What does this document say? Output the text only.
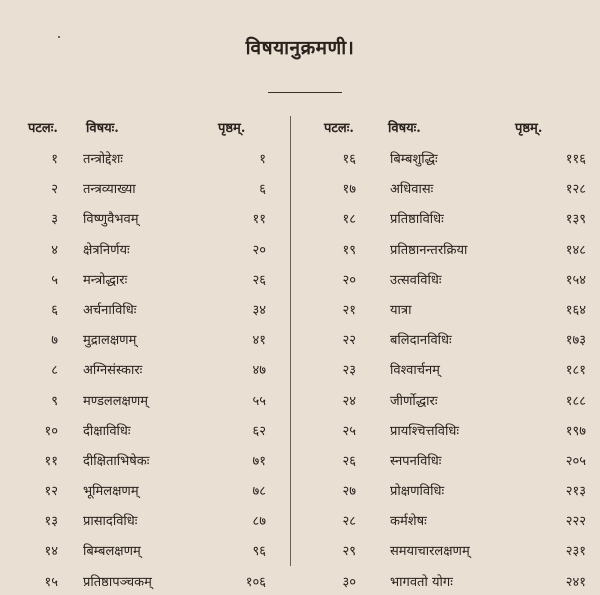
विषयानुक्रमणी।
पटलः. विषयः.	पृष्ठम्.
१ तन्त्रोद्देशः	१
२ तन्त्रव्याख्या	६
३ विष्णुवैभवम्	११
४ क्षेत्रनिर्णयः	२०
५ मन्त्रोद्धारः	२६
६ अर्चनाविधिः	३४
७ मुद्रालक्षणम्	४१
८ अग्निसंस्कारः	४७
९ मण्डललक्षणम्	५५
१० दीक्षाविधिः	६२
११ दीक्षिताभिषेकः	७१
१२ भूमिलक्षणम्	७८
१३ प्रासादविधिः	८७
१४ बिम्बलक्षणम्	९६
१५ प्रतिष्ठापञ्चकम्	१०६
पटलः.	विषयः.	पृष्ठम्.
१६	बिम्बशुद्धिः	११६
१७	अधिवासः	१२८
१८	प्रतिष्ठाविधिः	१३९
१९	प्रतिष्ठानन्तरक्रिया	१४८
२०	उत्सवविधिः	१५४
२१	यात्रा	१६४
२२	बलिदानविधिः	१७३
२३	विश्वार्चनम्	१८१
२४	जीर्णोद्धारः	१८८
२५	प्रायश्चित्तविधिः	१९७
२६	स्नपनविधिः	२०५
२७	प्रोक्षणविधिः	२१३
२८	कर्मशेषः	२२२
२९	समयाचारलक्षणम्	२३१
३०	भागवतो योगः	२४१
